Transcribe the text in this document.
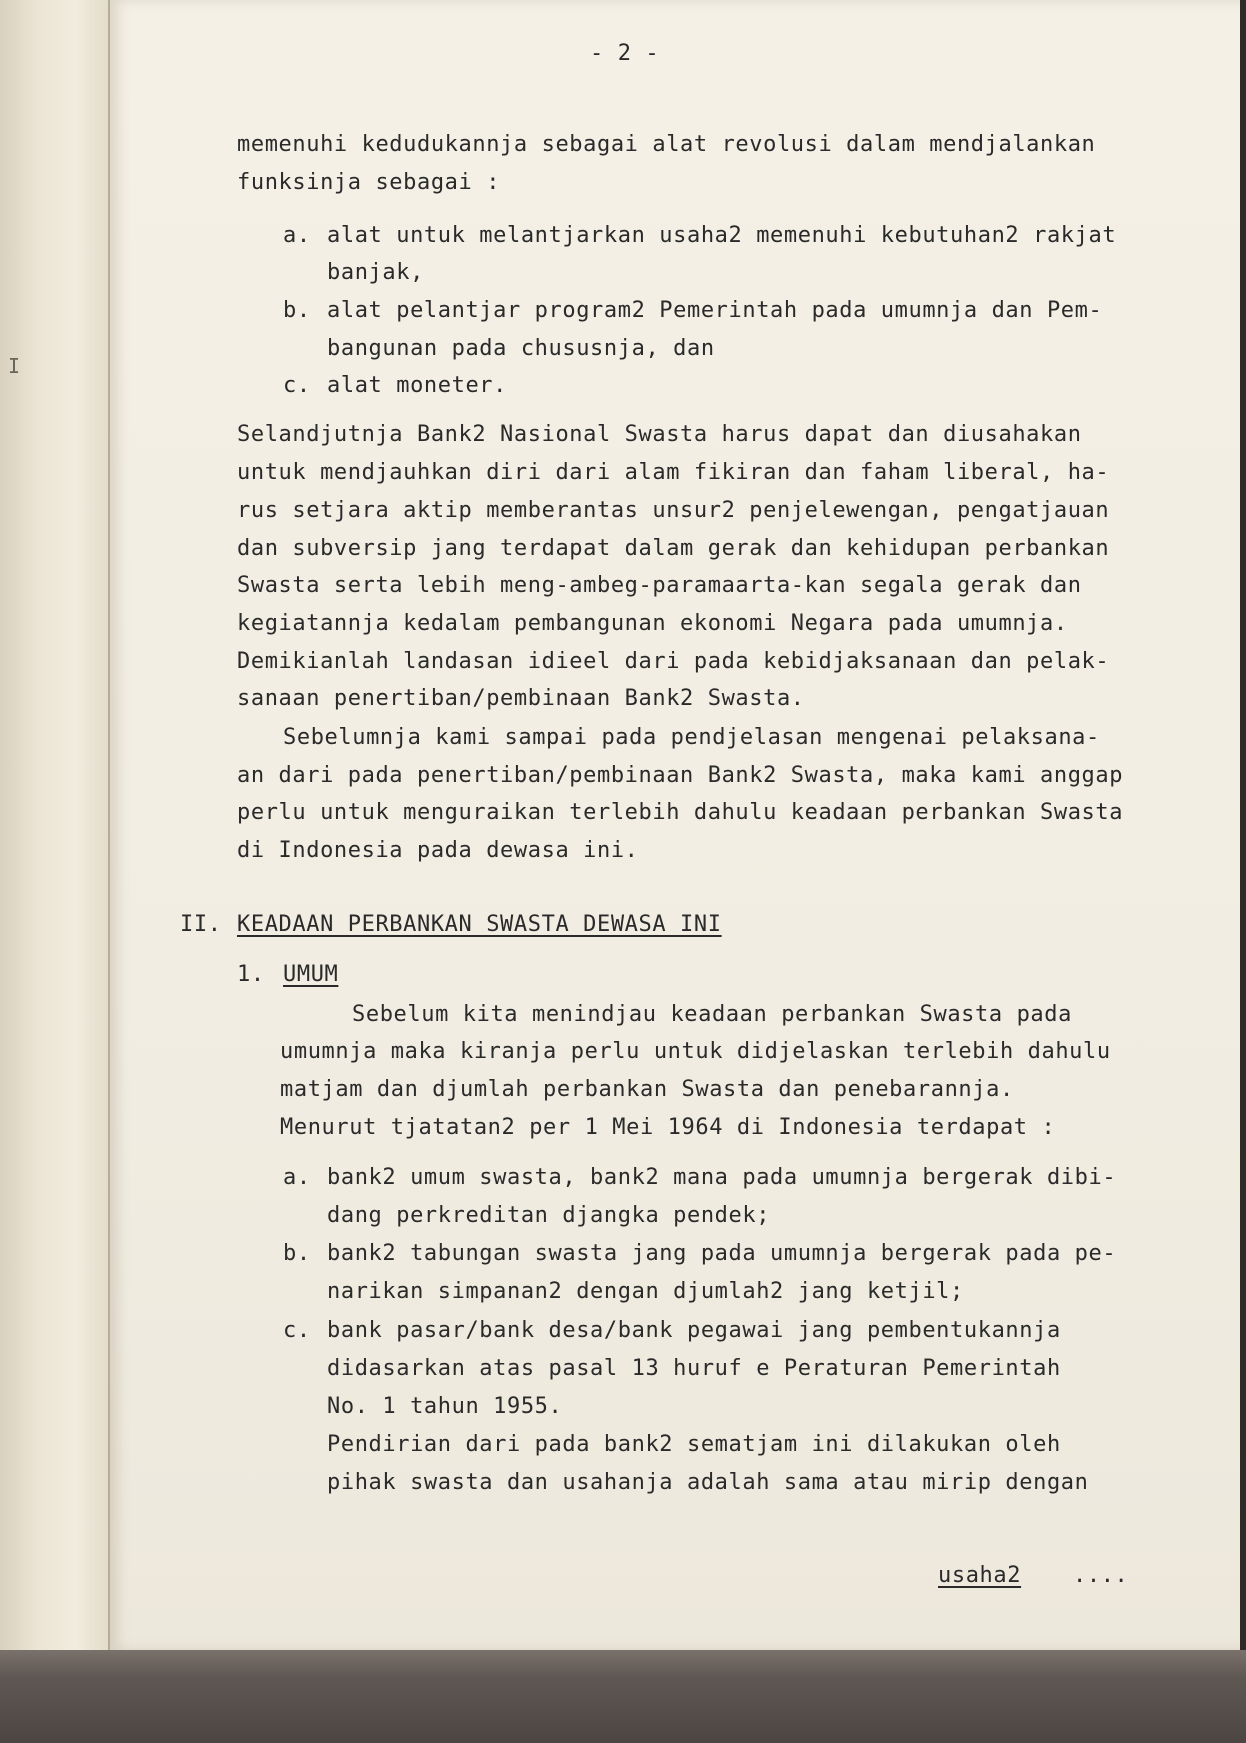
I
- 2 -
memenuhi kedudukannja sebagai alat revolusi dalam mendjalankan
funksinja sebagai :
a. alat untuk melantjarkan usaha2 memenuhi kebutuhan2 rakjat
banjak,
b. alat pelantjar program2 Pemerintah pada umumnja dan Pem-
bangunan pada chususnja, dan
c. alat moneter.
Selandjutnja Bank2 Nasional Swasta harus dapat dan diusahakan
untuk mendjauhkan diri dari alam fikiran dan faham liberal, ha-
rus setjara aktip memberantas unsur2 penjelewengan, pengatjauan
dan subversip jang terdapat dalam gerak dan kehidupan perbankan
Swasta serta lebih meng-ambeg-paramaarta-kan segala gerak dan
kegiatannja kedalam pembangunan ekonomi Negara pada umumnja.
Demikianlah landasan idieel dari pada kebidjaksanaan dan pelak-
sanaan penertiban/pembinaan Bank2 Swasta.
Sebelumnja kami sampai pada pendjelasan mengenai pelaksana-
an dari pada penertiban/pembinaan Bank2 Swasta, maka kami anggap
perlu untuk menguraikan terlebih dahulu keadaan perbankan Swasta
di Indonesia pada dewasa ini.
II. KEADAAN PERBANKAN SWASTA DEWASA INI
1. UMUM
Sebelum kita menindjau keadaan perbankan Swasta pada
umumnja maka kiranja perlu untuk didjelaskan terlebih dahulu
matjam dan djumlah perbankan Swasta dan penebarannja.
Menurut tjatatan2 per 1 Mei 1964 di Indonesia terdapat :
a. bank2 umum swasta, bank2 mana pada umumnja bergerak dibi-
dang perkreditan djangka pendek;
b. bank2 tabungan swasta jang pada umumnja bergerak pada pe-
narikan simpanan2 dengan djumlah2 jang ketjil;
c. bank pasar/bank desa/bank pegawai jang pembentukannja
didasarkan atas pasal 13 huruf e Peraturan Pemerintah
No. 1 tahun 1955.
Pendirian dari pada bank2 sematjam ini dilakukan oleh
pihak swasta dan usahanja adalah sama atau mirip dengan
usaha2 ....
